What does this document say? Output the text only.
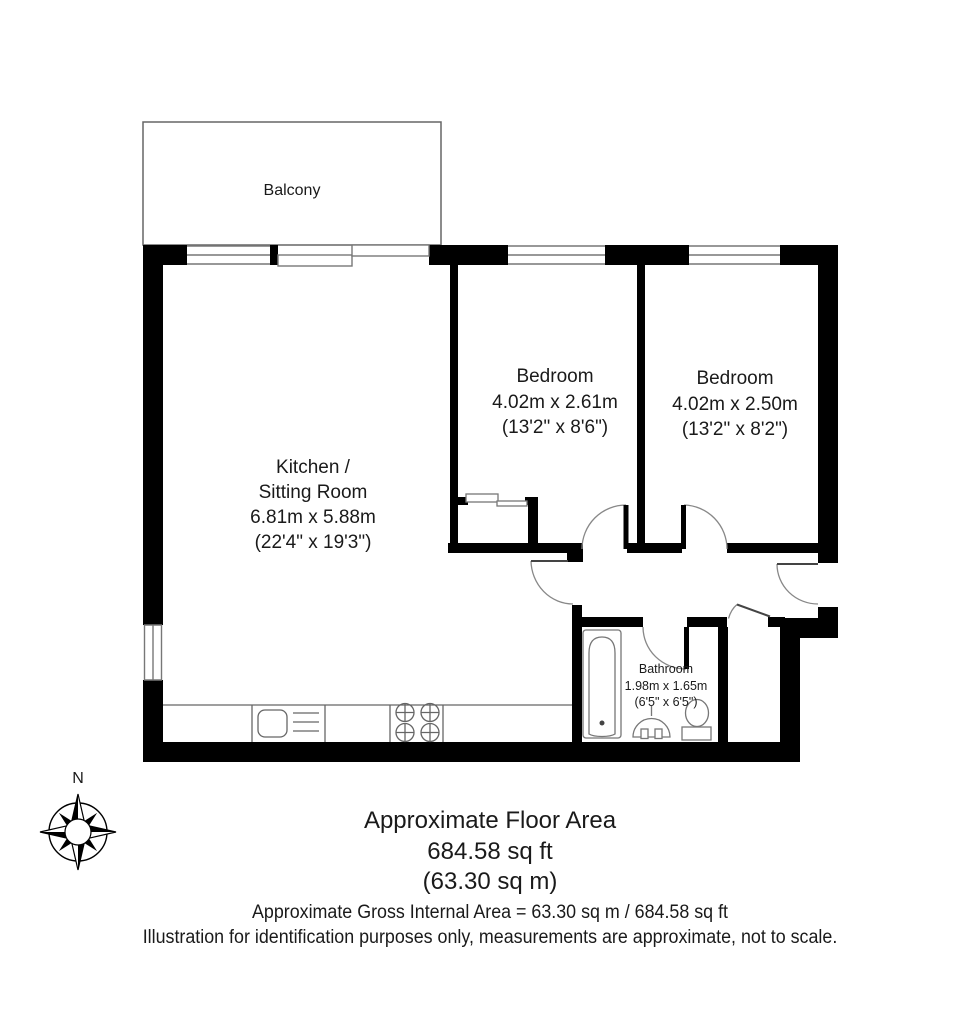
Balcony
Kitchen /
Sitting Room
6.81m x 5.88m
(22'4" x 19'3")
Bedroom
4.02m x 2.61m
(13'2" x 8'6")
Bedroom
4.02m x 2.50m
(13'2" x 8'2")
Bathroom
1.98m x 1.65m
(6'5" x 6'5")
N
Approximate Floor Area
684.58 sq ft
(63.30 sq m)
Approximate Gross Internal Area = 63.30 sq m / 684.58 sq ft
Illustration for identification purposes only, measurements are approximate, not to scale.
